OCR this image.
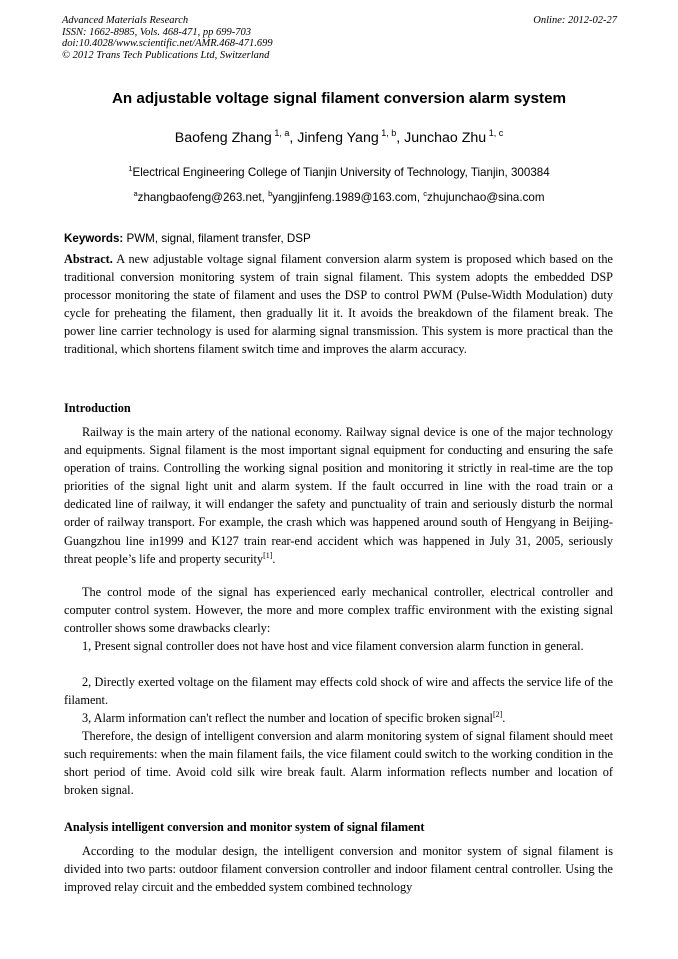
Advanced Materials Research
ISSN: 1662-8985, Vols. 468-471, pp 699-703
doi:10.4028/www.scientific.net/AMR.468-471.699
© 2012 Trans Tech Publications Ltd, Switzerland
Online: 2012-02-27
An adjustable voltage signal filament conversion alarm system
Baofeng Zhang $^{1, a}$, Jinfeng Yang $^{1, b}$, Junchao Zhu $^{1, c}$
$^1$Electrical Engineering College of Tianjin University of Technology, Tianjin, 300384
$^a$zhangbaofeng@263.net, $^b$yangjinfeng.1989@163.com, $^c$zhujunchao@sina.com
Keywords: PWM, signal, filament transfer, DSP

Abstract. A new adjustable voltage signal filament conversion alarm system is proposed which based on the traditional conversion monitoring system of train signal filament. This system adopts the embedded DSP processor monitoring the state of filament and uses the DSP to control PWM (Pulse-Width Modulation) duty cycle for preheating the filament, then gradually lit it. It avoids the breakdown of the filament break. The power line carrier technology is used for alarming signal transmission. This system is more practical than the traditional, which shortens filament switch time and improves the alarm accuracy.

Introduction

Railway is the main artery of the national economy. Railway signal device is one of the major technology and equipments. Signal filament is the most important signal equipment for conducting and ensuring the safe operation of trains. Controlling the working signal position and monitoring it strictly in real-time are the top priorities of the signal light unit and alarm system. If the fault occurred in line with the road train or a dedicated line of railway, it will endanger the safety and punctuality of train and seriously disturb the normal order of railway transport. For example, the crash which was happened around south of Hengyang in Beijing-Guangzhou line in1999 and K127 train rear-end accident which was happened in July 31, 2005, seriously threat people’s life and property security[1].

The control mode of the signal has experienced early mechanical controller, electrical controller and computer control system. However, the more and more complex traffic environment with the existing signal controller shows some drawbacks clearly:

1, Present signal controller does not have host and vice filament conversion alarm function in general.

2, Directly exerted voltage on the filament may effects cold shock of wire and affects the service life of the filament.

3, Alarm information can't reflect the number and location of specific broken signal[2].

Therefore, the design of intelligent conversion and alarm monitoring system of signal filament should meet such requirements: when the main filament fails, the vice filament could switch to the working condition in the short period of time. Avoid cold silk wire break fault. Alarm information reflects number and location of broken signal.

Analysis intelligent conversion and monitor system of signal filament

According to the modular design, the intelligent conversion and monitor system of signal filament is divided into two parts: outdoor filament conversion controller and indoor filament central controller. Using the improved relay circuit and the embedded system combined technology
